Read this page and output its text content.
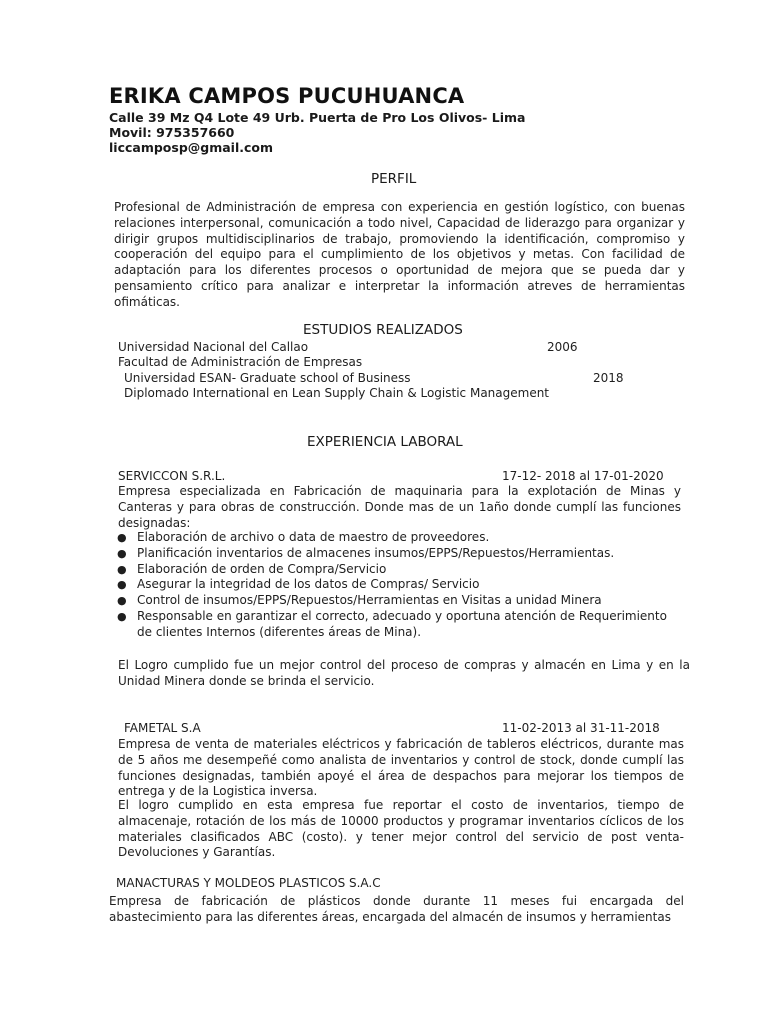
ERIKA CAMPOS PUCUHUANCA
Calle 39 Mz Q4 Lote 49 Urb. Puerta de Pro Los Olivos- Lima
Movil: 975357660
liccamposp@gmail.com
PERFIL
Profesional de Administración de empresa con experiencia en gestión logístico, con buenas relaciones interpersonal, comunicación a todo nivel, Capacidad de liderazgo para organizar y dirigir grupos multidisciplinarios de trabajo, promoviendo la identificación, compromiso y cooperación del equipo para el cumplimiento de los objetivos y metas. Con facilidad de adaptación para los diferentes procesos o oportunidad de mejora que se pueda dar y pensamiento crítico para analizar e interpretar la información atreves de herramientas ofimáticas.
ESTUDIOS REALIZADOS
Universidad Nacional del Callao	2006
Facultad de Administración de Empresas
Universidad ESAN- Graduate school of Business	2018
Diplomado International en Lean Supply Chain & Logistic Management
EXPERIENCIA LABORAL
SERVICCON S.R.L.	17-12- 2018 al 17-01-2020
Empresa especializada en Fabricación de maquinaria para la explotación de Minas y Canteras y para obras de construcción. Donde mas de un 1año donde cumplí las funciones designadas:
● Elaboración de archivo o data de maestro de proveedores.
● Planificación inventarios de almacenes insumos/EPPS/Repuestos/Herramientas.
● Elaboración de orden de Compra/Servicio
● Asegurar la integridad de los datos de Compras/ Servicio
● Control de insumos/EPPS/Repuestos/Herramientas en Visitas a unidad Minera
● Responsable en garantizar el correcto, adecuado y oportuna atención de Requerimiento de clientes Internos (diferentes áreas de Mina).
El Logro cumplido fue un mejor control del proceso de compras y almacén en Lima y en la Unidad Minera donde se brinda el servicio.
FAMETAL S.A	11-02-2013 al 31-11-2018
Empresa de venta de materiales eléctricos y fabricación de tableros eléctricos, durante mas de 5 años me desempeñé como analista de inventarios y control de stock, donde cumplí las funciones designadas, también apoyé el área de despachos para mejorar los tiempos de entrega y de la Logistica inversa.
El logro cumplido en esta empresa fue reportar el costo de inventarios, tiempo de almacenaje, rotación de los más de 10000 productos y programar inventarios cíclicos de los materiales clasificados ABC (costo). y tener mejor control del servicio de post venta- Devoluciones y Garantías.
MANACTURAS Y MOLDEOS PLASTICOS S.A.C
Empresa de fabricación de plásticos donde durante 11 meses fui encargada del abastecimiento para las diferentes áreas, encargada del almacén de insumos y herramientas
